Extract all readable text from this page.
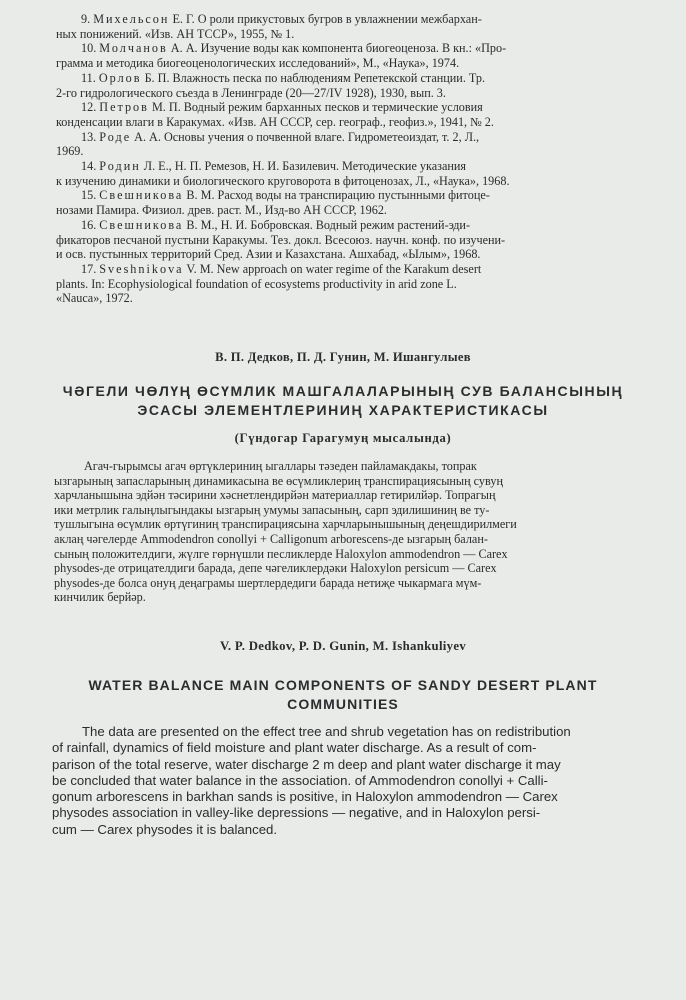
9. Михельсон Е. Г. О роли прикустовых бугров в увлажнении межбархан-

ных понижений. «Изв. АН ТССР», 1955, № 1.

10. Молчанов А. А. Изучение воды как компонента биогеоценоза. В кн.: «Про-

грамма и методика биогеоценологических исследований», М., «Наука», 1974.

11. Орлов Б. П. Влажность песка по наблюдениям Репетекской станции. Тр.

2-го гидрологического съезда в Ленинграде (20—27/IV 1928), 1930, вып. 3.

12. Петров М. П. Водный режим барханных песков и термические условия

конденсации влаги в Каракумах. «Изв. АН СССР, сер. географ., геофиз.», 1941, № 2.

13. Роде А. А. Основы учения о почвенной влаге. Гидрометеоиздат, т. 2, Л.,

1969.

14. Родин Л. Е., Н. П. Ремезов, Н. И. Базилевич. Методические указания

к изучению динамики и биологического круговорота в фитоценозах, Л., «Наука», 1968.

15. Свешникова В. М. Расход воды на транспирацию пустынными фитоце-

нозами Памира. Физиол. древ. раст. М., Изд-во АН СССР, 1962.

16. Свешникова В. М., Н. И. Бобровская. Водный режим растений-эди-

фикаторов песчаной пустыни Каракумы. Тез. докл. Всесоюз. научн. конф. по изучени-

и осв. пустынных территорий Сред. Азии и Казахстана. Ашхабад, «Ылым», 1968.

17. Sveshnikova V. M. New approach on water regime of the Karakum desert

plants. In: Ecophysiological foundation of ecosystems productivity in arid zone L.

«Nauca», 1972.

В. П. Дедков, П. Д. Гунин, М. Ишангулыев
ЧӘГЕЛИ ЧӨЛҮҢ ӨСҮМЛИК МАШГАЛАЛАРЫНЫҢ СУВ БАЛАНСЫНЫҢ
ЭСАСЫ ЭЛЕМЕНТЛЕРИНИҢ ХАРАКТЕРИСТИКАСЫ
(Гүндогар Гарагумуң мысалында)

Агач-гырымсы агач өртүклериниң ыгаллары тәзеден пайламакдакы, топрак

ызгарының запасларының динамикасына ве өсүмликлериң транспирациясының сувуң

харчланышына эдйән тәсирини хәснетлендирйән материаллар гетирилйәр. Топрагың

ики метрлик галыңлыгындакы ызгарың умумы запасының, сарп эдилишиниң ве ту-

тушлыгына өсүмлик өртүгиниң транспирациясына харчларынышының деңешдирилмеги

аклаң чәгелерде Ammodendron conollyi + Calligonum arborescens-де ызгарың балан-

сының положителдиги, жүлге гөрнүшли песликлерде Haloxylon ammodendron — Carex

physodes-де отрицателдиги барада, депе чәгеликлердәки Haloxylon persicum — Carex

physodes-де болса онуң деңаграмы шертлердедиги барада нетиҗе чыкармага мүм-

кинчилик берйәр.

V. P. Dedkov, P. D. Gunin, M. Ishankuliyev
WATER BALANCE MAIN COMPONENTS OF SANDY DESERT PLANT
COMMUNITIES

The data are presented on the effect tree and shrub vegetation has on redistribution

of rainfall, dynamics of field moisture and plant water discharge. As a result of com-

parison of the total reserve, water discharge 2 m deep and plant water discharge it may

be concluded that water balance in the association. of Ammodendron conollyi + Calli-

gonum arborescens in barkhan sands is positive, in Haloxylon ammodendron — Carex

physodes association in valley-like depressions — negative, and in Haloxylon persi-

cum — Carex physodes it is balanced.
